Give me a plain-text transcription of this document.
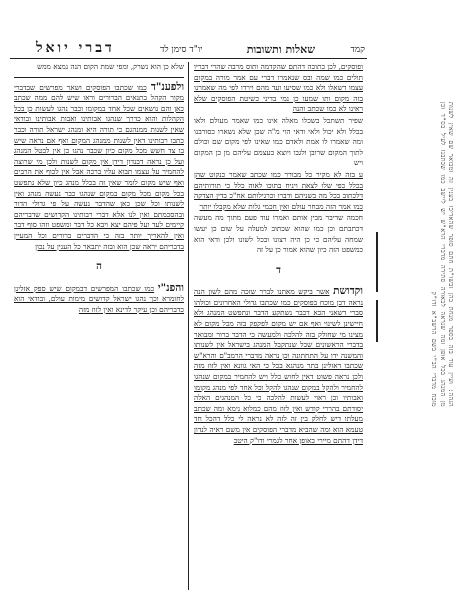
קמד
שאלות ותשובות
יו"ד סימן לד
דברי יואל

ופוסקים, לכן כתוכה דהתם שהקדמה ותוס מרבה שהרי דבריו תולים כמו שמה ובס שנאמרו דברי עם אמר מורה במקום עצמו דשאלו ולא כמו שסיעו ועד מהם וירדו לפי מה שאמרנו בזה מקום ותו שמעו כן נמי בדיני כשיטת הפוסקים שלא ראינו לא כמו שכתב והנה

שפיר תשתכל בשכלו מאלה אינו כמו שאמר מעולם ולאו בכלל ולא יכול ולאי ודאי הוי מ"ה שכן שלא נשארו כסורבנו ומה שאמרו לו אמת ולאדם כמו שאינו לפי מקום שם וכולם לתוך המקום שרובן ולגבו ויוצא בעצמם עליהם מן כן המקום ויש

ע בזה לא מקיר כל מבורר כמו שכתב שאמר כנקוט שהן בכלל כפי שלו לצאת ויניח בתוכו לאוה כלל כי תורותיהם דלכתוב בכל מה בשניהם ודברו וכרגילותם אח"כ בדין הצדקה כמו אמר הזה מבחר עולם ואין חכמי גלות שלא מקבלו יותר

חכמה שדיבר מבין אותם ואמרו עוד פעם מתוך מה מעשה דכתבתם וכן כמו שהוא שכתוב למעלה על שום כן יעשו שמחה עליהם כי כן היה רצונו ובכל לשונו ולכן ודאי הוא כמשפט הזה כיון שהוא אמור כן על זה

ד

וקדושת אשר ביקש מאתנו לברר שזכה מהם לשון הנה נראה דכן מוכח בפוסקים כמו שכתבו גדולי האחרונים וכולהו סברי דשאני הכא דכבר נשתקע הדבר ונתפשט המנהג ולא חיישינן לשינוי ואף אם יש מקום לפקפק בזה מכל מקום לא מצינו מי שחולק בזה להלכה ולמעשה כי הדבר ברור ומבואר בדברי הראשונים שכל שנתקבל המנהג בישראל אין לשנותו והמשנה ידו על התחתונה וכן נראה מדברי הרמב"ם והרא"ש שכתבו דאזלינן בתר מנהגא בכל כי האי גוונא ואין לזוז מזה ולכן נראה פשוט דאין לחוש כלל ויש להחמיר במקום שנהגו להחמיר ולהקל במקום שנהגו להקל וכל אחד לפי מנהג מקומו ואבותיו וכן ראוי לעשות להלכה כי כל המנהגים האלה יסודתם בהררי קודש ואין לזוז מהם כמלוא נימא ומה שכתב מעלתו דיש לחלק בין זה לזה לא נראה לי כלל דהכל חד טעמא הוא ומה שהביא מדברי הפוסקים אין משם ראיה לנדון דידן דהתם מיירי באופן אחר לגמרי ודו"ק היטב

שלא כן הוא נשרק, ומפי שמת הקום הנה נמצא ממש

ולפענ"ד כמו שכתבו הפוסקים ושאר מפרשים שבדברי מקור הקהל בתנאים הברורים וראו שיש להם ממה שכתב כאן והם נושאים שכל אחד במקומו וכבר נהגו לעשות כן בכל הקהלות והוא כדרך שנהגו אבותינו ואבות אבותינו ובודאי שאין לשנות ממנהגם כי תורה היא ומנהג ישראל תורה וכבר כתבו רבותינו דאין לשנות ממנהג המקום ואף אם נראה שיש בו צד חשש מכל מקום כיון שכבר נהגו כן אין לבטל המנהג ועל כן נראה דבנדון דידן אין מקום לשנות ולכן מי שרוצה להחמיר על עצמו תבוא עליו ברכה אבל אין לכוף את הרבים ואף שיש מקום לומר שאין זה בכלל מנהג כיון שלא נתפשט בכל מקום מכל מקום במקום שנהגו כבר נעשה מנהג ואין לשנותו וכל שכן כאן שהדבר נעשה על פי גדולי הדור ובהסכמתם ואין לנו אלא דברי רבותינו הקדושים שדבריהם קיימים לעד ועל פיהם יצא ויבא כל דבר ומשפט וזהו סוף דבר ואין להאריך יותר בזה כי הדברים ברורים וכל המעיין בדבריהם יראה שכן הוא ובזה יתבאר כל הענין על נכון

ה

והפנ"י כמו שכתבו המפרשים דבמקום שיש ספק אזלינן לחומרא וכך נהגו ישראל קדושים מימות עולם, ובודאי הוא כדבריהם וכן עיקר לדינא ואין לזוז מזה	הגהה: ועיין עוד בזה בספר מנחת כהן ובשו"ת חתם סופר שהאריכו בענין זה ומבואר שם שאין לשנות מן המנהג בכל אופן ומה שנראה לכאורה סתירה מדברי הרא"ש יש ליישב כמו שכתבנו לעיל בס"ד וכן מוכח מדברי הב"י בשם הרשב"א ודו"ק
